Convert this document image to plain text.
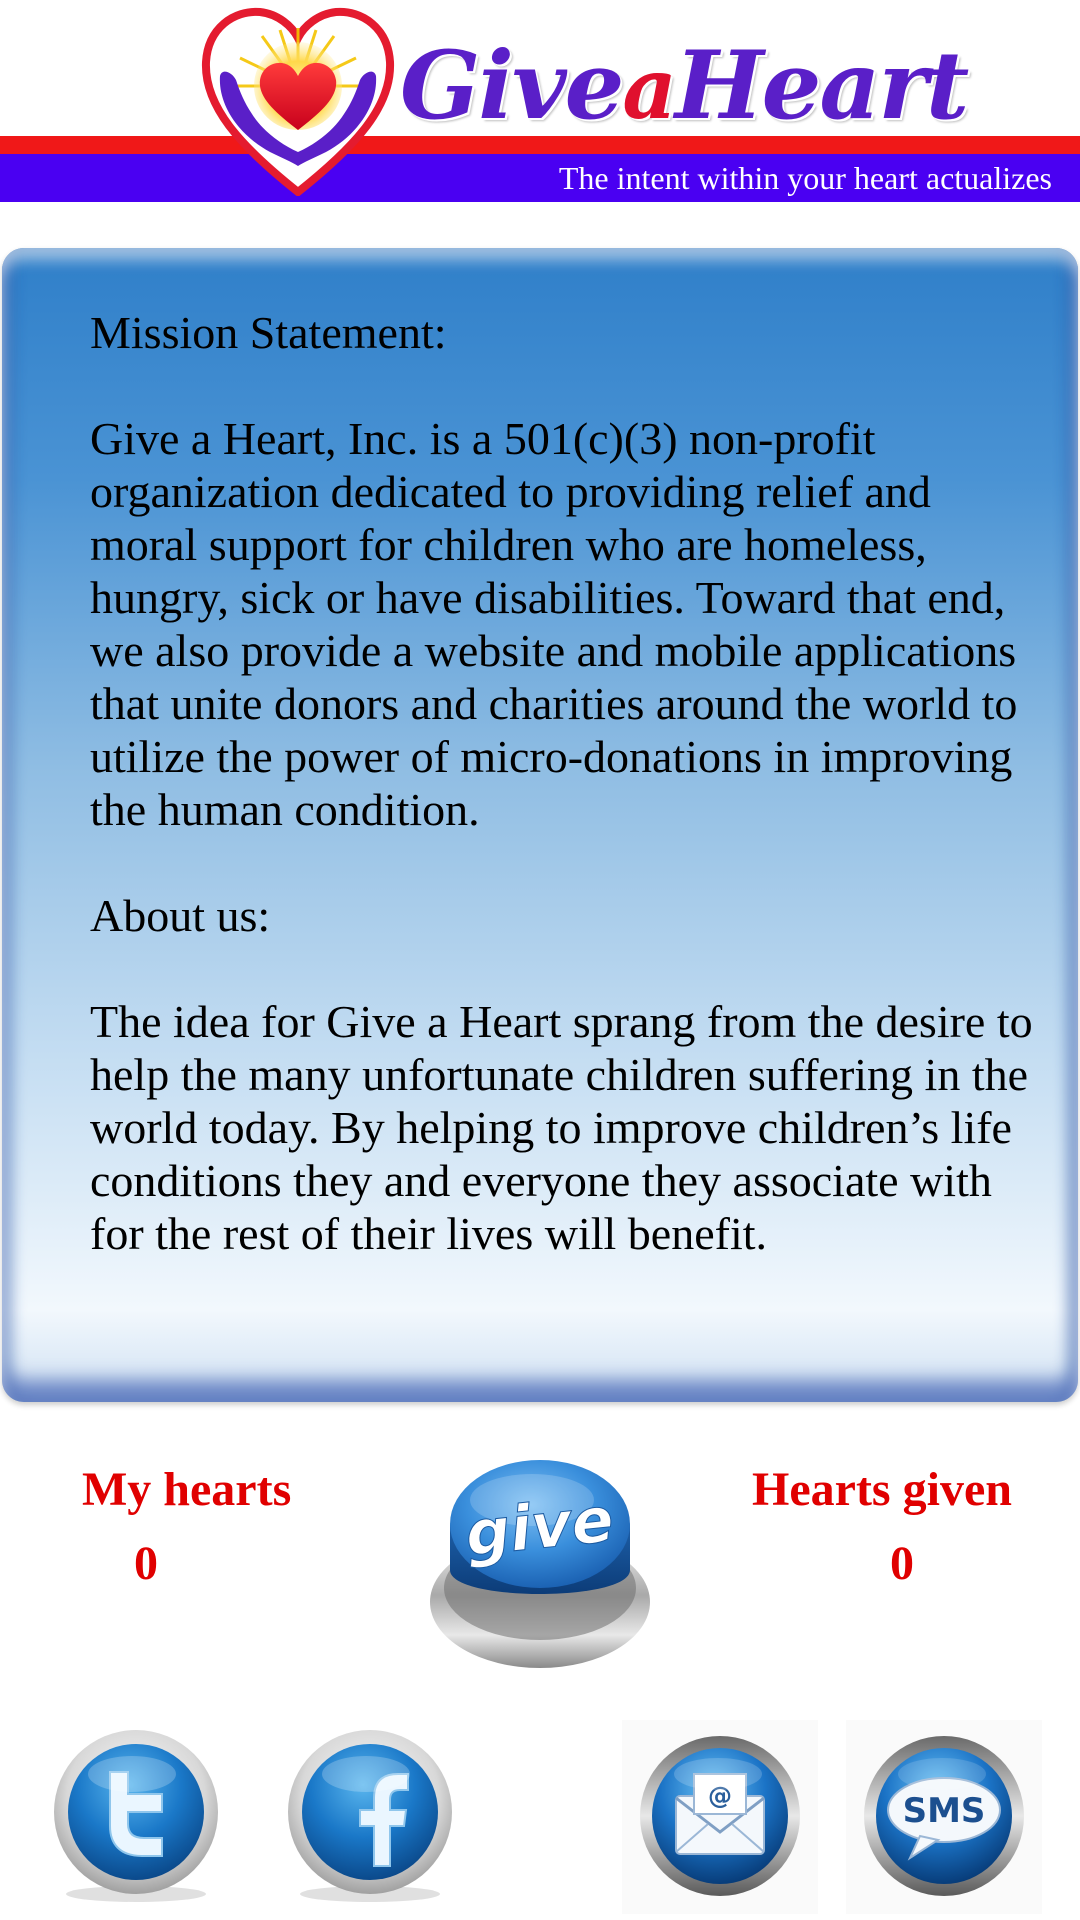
GiveaHeart
The intent within your heart actualizes

Mission Statement:

Give a Heart, Inc. is a 501(c)(3) non-profit organization dedicated to providing relief and moral support for children who are homeless, hungry, sick or have disabilities. Toward that end, we also provide a website and mobile applications that unite donors and charities around the world to utilize the power of micro-donations in improving the human condition.

About us:

The idea for Give a Heart sprang from the desire to help the many unfortunate children suffering in the world today. By helping to improve children’s life conditions they and everyone they associate with for the rest of their lives will benefit.

My hearts
0
Hearts given
0
give
@	SMS
